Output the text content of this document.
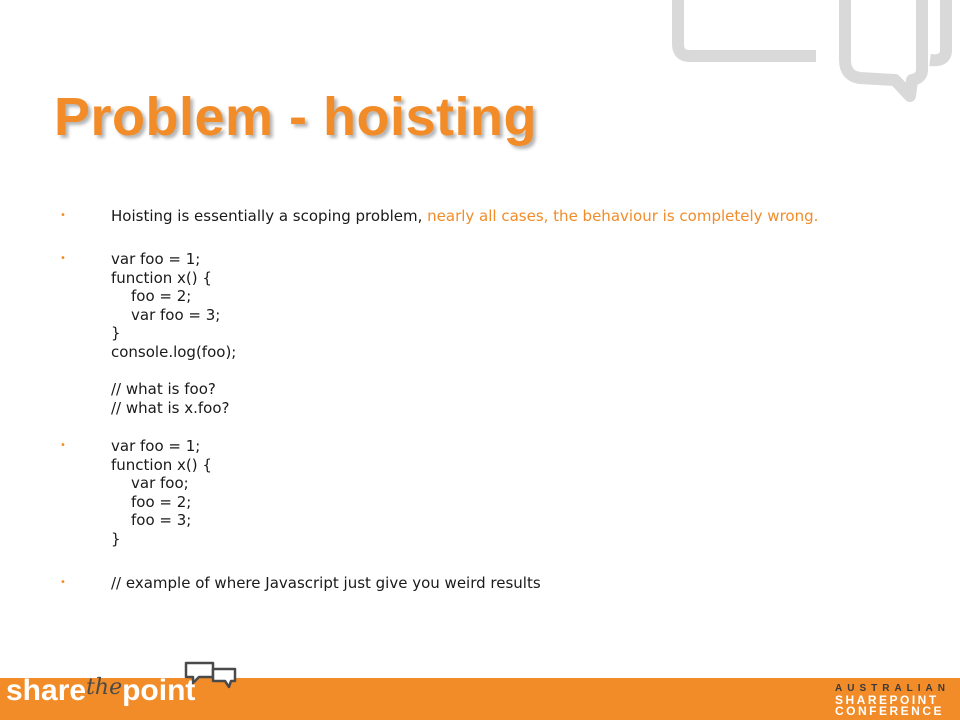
Problem - hoisting
•	Hoisting is essentially a scoping problem, nearly all cases, the behaviour is completely wrong.
•	var foo = 1;
function x() {
foo = 2;
var foo = 3;
}
console.log(foo);
// what is foo?
// what is x.foo?
•	var foo = 1;
function x() {
var foo;
foo = 2;
foo = 3;
}
•	// example of where Javascript just give you weird results
share$^{the}$point	AUSTRALIAN
SHAREPOINT
CONFERENCE
